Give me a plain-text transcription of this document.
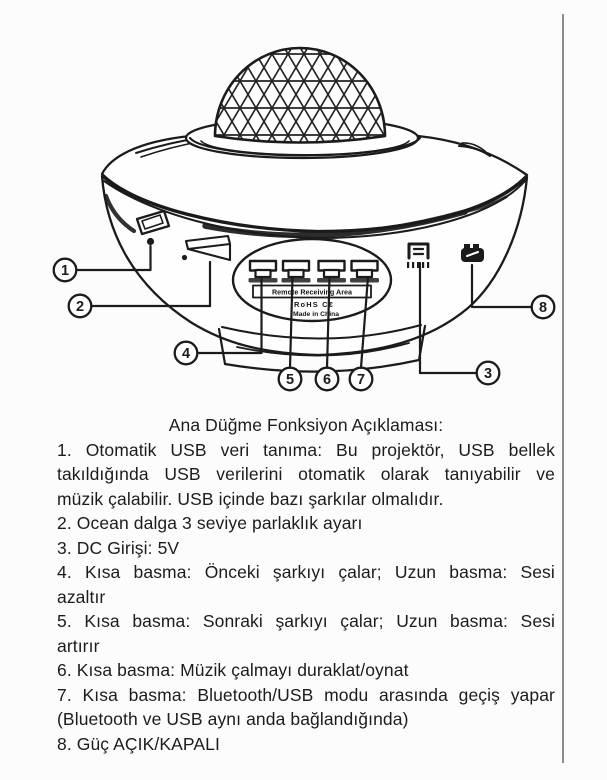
Remote Receiving Area
RoHS C€
Made in China
1
2
4
5 6 7	3
8
Ana Düğme Fonksiyon Açıklaması:
1. Otomatik USB veri tanıma: Bu projektör, USB bellek
takıldığında USB verilerini otomatik olarak tanıyabilir ve
müzik çalabilir. USB içinde bazı şarkılar olmalıdır.
2. Ocean dalga 3 seviye parlaklık ayarı
3. DC Girişi: 5V
4. Kısa basma: Önceki şarkıyı çalar; Uzun basma: Sesi
azaltır
5. Kısa basma: Sonraki şarkıyı çalar; Uzun basma: Sesi
artırır
6. Kısa basma: Müzik çalmayı duraklat/oynat
7. Kısa basma: Bluetooth/USB modu arasında geçiş yapar
(Bluetooth ve USB aynı anda bağlandığında)
8. Güç AÇIK/KAPALI
